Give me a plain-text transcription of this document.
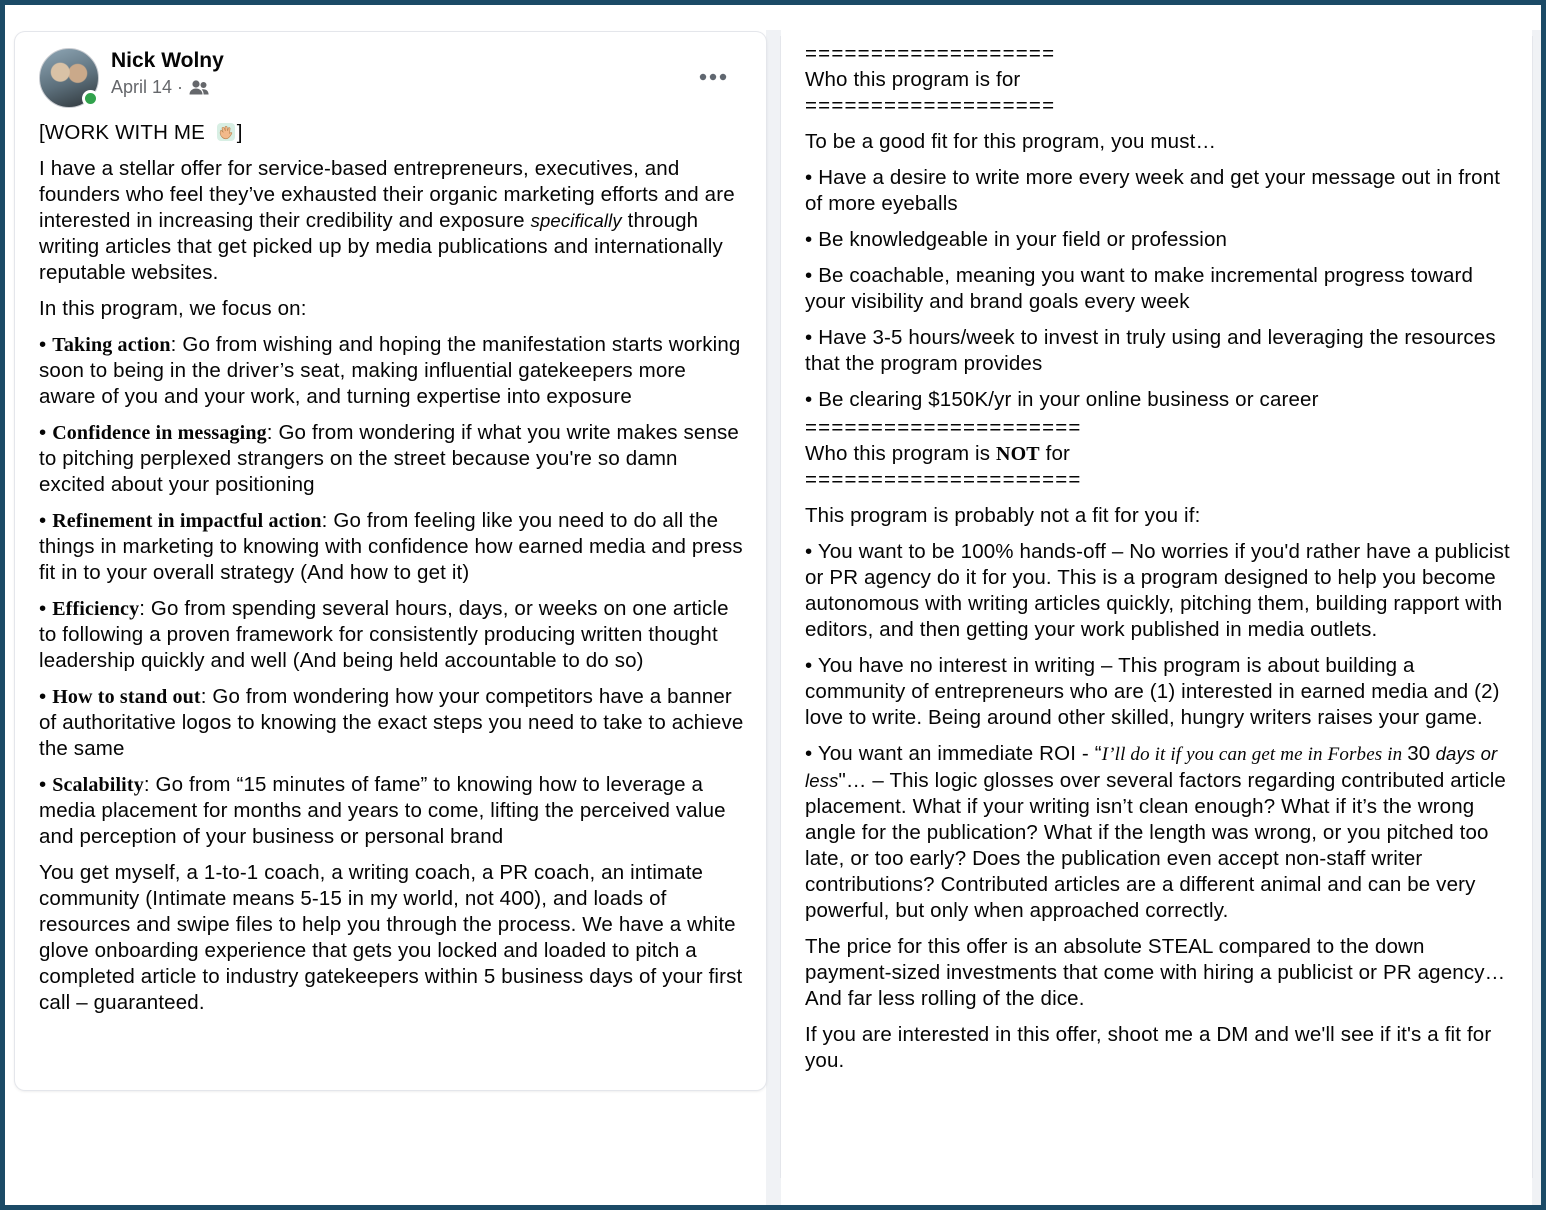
Nick Wolny
April 14 ·
[WORK WITH ME ]
I have a stellar offer for service-based entrepreneurs, executives, and founders who feel they’ve exhausted their organic marketing efforts and are interested in increasing their credibility and exposure specifically through writing articles that get picked up by media publications and internationally reputable websites.
In this program, we focus on:
• Taking action: Go from wishing and hoping the manifestation starts working soon to being in the driver’s seat, making influential gatekeepers more aware of you and your work, and turning expertise into exposure
• Confidence in messaging: Go from wondering if what you write makes sense to pitching perplexed strangers on the street because you're so damn excited about your positioning
• Refinement in impactful action: Go from feeling like you need to do all the things in marketing to knowing with confidence how earned media and press fit in to your overall strategy (And how to get it)
• Efficiency: Go from spending several hours, days, or weeks on one article to following a proven framework for consistently producing written thought leadership quickly and well (And being held accountable to do so)
• How to stand out: Go from wondering how your competitors have a banner of authoritative logos to knowing the exact steps you need to take to achieve the same
• Scalability: Go from “15 minutes of fame” to knowing how to leverage a media placement for months and years to come, lifting the perceived value and perception of your business or personal brand
You get myself, a 1-to-1 coach, a writing coach, a PR coach, an intimate community (Intimate means 5-15 in my world, not 400), and loads of resources and swipe files to help you through the process. We have a white glove onboarding experience that gets you locked and loaded to pitch a completed article to industry gatekeepers within 5 business days of your first call – guaranteed.
===================
Who this program is for
===================
To be a good fit for this program, you must…
• Have a desire to write more every week and get your message out in front of more eyeballs
• Be knowledgeable in your field or profession
• Be coachable, meaning you want to make incremental progress toward your visibility and brand goals every week
• Have 3-5 hours/week to invest in truly using and leveraging the resources that the program provides
• Be clearing $150K/yr in your online business or career
=====================
Who this program is NOT for
=====================
This program is probably not a fit for you if:
• You want to be 100% hands-off – No worries if you'd rather have a publicist or PR agency do it for you. This is a program designed to help you become autonomous with writing articles quickly, pitching them, building rapport with editors, and then getting your work published in media outlets.
• You have no interest in writing – This program is about building a community of entrepreneurs who are (1) interested in earned media and (2) love to write. Being around other skilled, hungry writers raises your game.
• You want an immediate ROI - “I’ll do it if you can get me in Forbes in 30 days or less"… – This logic glosses over several factors regarding contributed article placement. What if your writing isn’t clean enough? What if it’s the wrong angle for the publication? What if the length was wrong, or you pitched too late, or too early? Does the publication even accept non-staff writer contributions? Contributed articles are a different animal and can be very powerful, but only when approached correctly.
The price for this offer is an absolute STEAL compared to the down payment-sized investments that come with hiring a publicist or PR agency… And far less rolling of the dice.
If you are interested in this offer, shoot me a DM and we'll see if it's a fit for you.
